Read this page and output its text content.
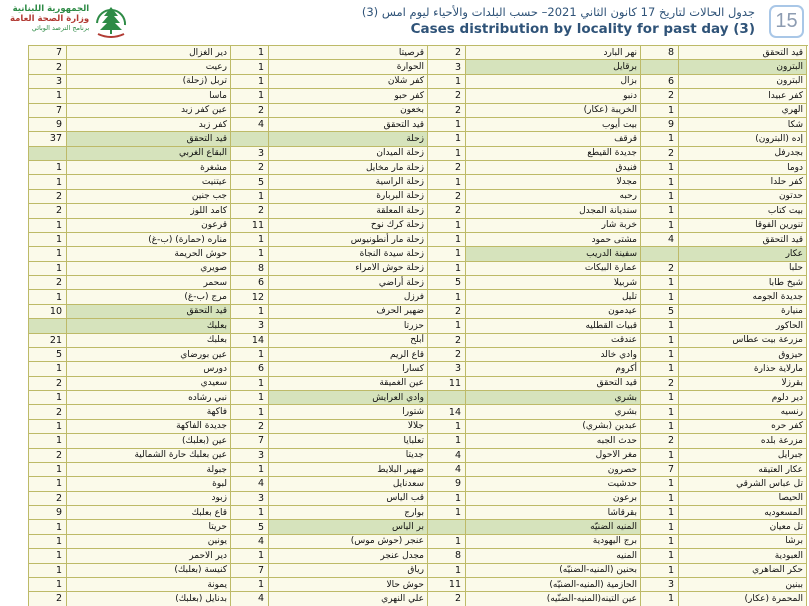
الجمهورية اللبنانية
وزارة الصحة العامة
برنامج الترصد الوبائي
جدول الحالات لتاريخ 17 كانون الثاني 2021– حسب البلدات والأحياء ليوم امس (3)
Cases distribution by locality for past day (3)	15
7	دير الغزال	1	قرصيتا	2	نهر البارد	8	قيد التحقق
2	رعيت	1	الحوارة	3	برقايل	البترون
3	تربل (زحلة)	1	كفر شلان	1	بزال	6	البترون
1	ماسا	1	كفر حبو	2	دنبو	2	كفر عبيدا
7	عين كفر زبد	2	بخعون	2	الخريبة (عكار)	1	الهري
9	كفر زبد	4	قيد التحقق	1	بيت أيوب	9	شكا
37	قيد التحقق	زحلة	1	قرقف	1	إده (البترون)
البقاع الغربي	3	زحلة الميدان	1	جديدة القيطع	2	بجدرفل
1	مشغرة	2	زحلة مار مخايل	2	فنيدق	1	دوما
1	عيتنيت	5	زحلة الراسية	1	مجدلا	1	كفر حلدا
2	جب جنين	1	زحلة البربارة	2	رحبه	1	حدتون
2	كامد اللوز	2	زحلة المعلقة	2	سنديانة المجدل	1	بيت كتاب
1	قرعون	11	زحلة كرك نوح	1	خربة شار	1	تنورين الفوقا
1	مناره (حمارة) (ب-غ)	1	زحلة مار أنطونيوس	1	مشتى حمود	4	قيد التحقق
1	حوش الحريمة	1	زحلة سيدة النجاة	1	سفينة الدريب	عكار
1	صويري	8	زحلة حوش الامراء	1	عمارة البيكات	2	حلبا
2	سحمر	6	زحلة أراضي	5	شربيلا	1	شيخ طابا
1	مرج (ب-غ)	12	فرزل	1	تليل	1	جديدة الجومه
10	قيد التحقق	1	ضهير الحرف	2	عيدمون	5	منيارة
بعلبك	3	حزرتا	1	قبيات القطليه	1	الحاكور
21	بعلبك	14	أبلح	2	عندقت	1	مزرعة بيت عطاس
5	عين بورضاي	1	قاع الريم	2	وادي خالد	1	حيزوق
1	دورس	6	كسارا	3	أكروم	1	مارلاية حذارة
2	سعيدي	1	عين الغميقة	11	قيد التحقق	2	بقرزلا
1	نبي رشاده	1	وادي العرايش	بشري	1	دير دلوم
2	فاكهة	1	شتورا	14	بشري	1	رنسيه
1	جديدة الفاكهة	2	جلالا	1	عبدين (بشري)	1	كفر حره
1	عين (بعلبك)	7	تعلبايا	1	حدث الجبه	2	مزرعة بلده
2	عين بعلبك حارة الشمالية	3	جديتا	4	مغر الاحول	1	جبرايل
1	جبولة	1	ضهير البلايط	4	حصرون	7	عكار العتيقه
1	لبوة	4	سعدنايل	9	حدشيت	1	تل عباس الشرقي
2	زبود	3	قب الياس	1	برعون	1	الحيصا
9	قاع بعلبك	1	بوارج	1	بقرقاشا	1	المسعوديه
1	حريتا	5	بر الياس	المنيه الضنيّه	1	تل معيان
1	يونين	4	عنجر (حوش موس)	1	برج اليهودية	1	برشا
1	دير الاحمر	1	مجدل عنجر	8	المنيه	1	العبودية
1	كنيسة (بعلبك)	7	رياق	1	بحنين (المنيه-الضنيّه)	1	حكر الضاهري
1	يمونة	1	حوش حالا	11	الحازمية (المنيه-الضنيّه)	3	ببنين
2	بدنايل (بعلبك)	4	علي النهري	2	عين التينه(المنيه-الضنّيه)	1	المحمرة (عكار)
